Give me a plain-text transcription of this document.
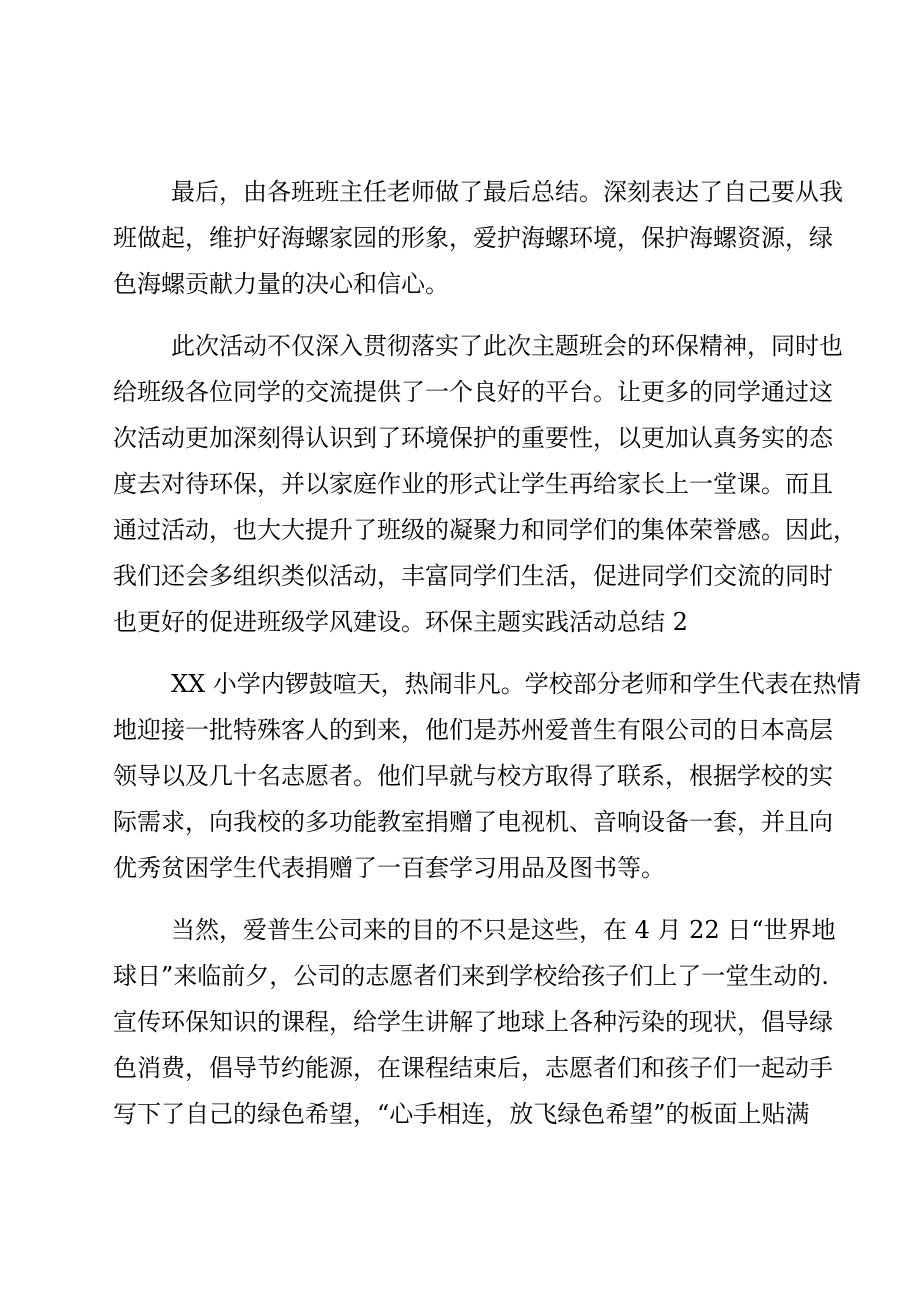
最后，由各班班主任老师做了最后总结。深刻表达了自己要从我
班做起，维护好海螺家园的形象，爱护海螺环境，保护海螺资源，绿
色海螺贡献力量的决心和信心。

此次活动不仅深入贯彻落实了此次主题班会的环保精神，同时也
给班级各位同学的交流提供了一个良好的平台。让更多的同学通过这
次活动更加深刻得认识到了环境保护的重要性，以更加认真务实的态
度去对待环保，并以家庭作业的形式让学生再给家长上一堂课。而且
通过活动，也大大提升了班级的凝聚力和同学们的集体荣誉感。因此，
我们还会多组织类似活动，丰富同学们生活，促进同学们交流的同时
也更好的促进班级学风建设。环保主题实践活动总结 2

XX 小学内锣鼓喧天，热闹非凡。学校部分老师和学生代表在热情
地迎接一批特殊客人的到来，他们是苏州爱普生有限公司的日本高层
领导以及几十名志愿者。他们早就与校方取得了联系，根据学校的实
际需求，向我校的多功能教室捐赠了电视机、音响设备一套，并且向
优秀贫困学生代表捐赠了一百套学习用品及图书等。

当然，爱普生公司来的目的不只是这些，在 4 月 22 日“世界地
球日”来临前夕，公司的志愿者们来到学校给孩子们上了一堂生动的.
宣传环保知识的课程，给学生讲解了地球上各种污染的现状，倡导绿
色消费，倡导节约能源，在课程结束后，志愿者们和孩子们一起动手
写下了自己的绿色希望，“心手相连，放飞绿色希望”的板面上贴满
